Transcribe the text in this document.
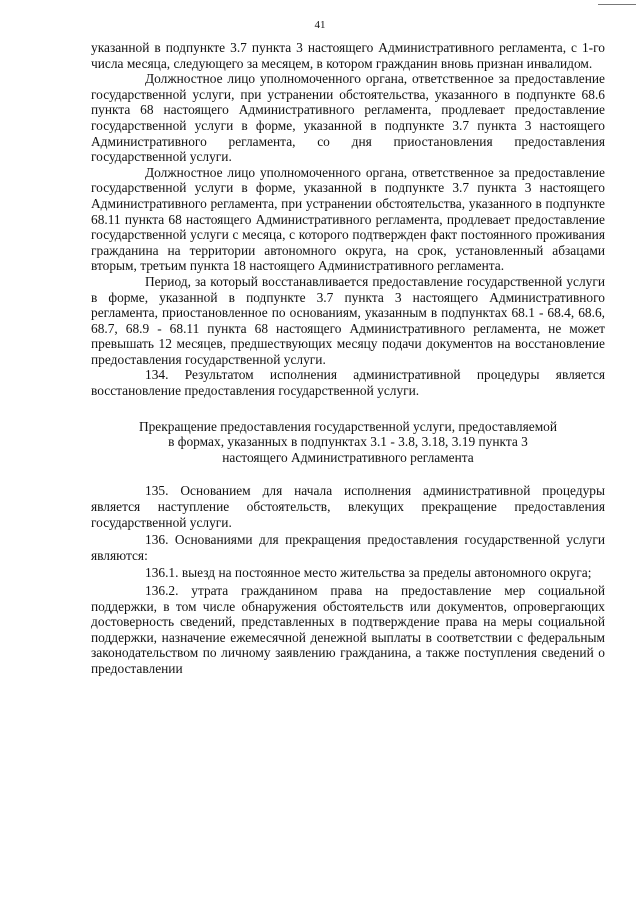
41

указанной в подпункте 3.7 пункта 3 настоящего Административного регламента, с 1-го числа месяца, следующего за месяцем, в котором гражданин вновь признан инвалидом.

Должностное лицо уполномоченного органа, ответственное за предоставление государственной услуги, при устранении обстоятельства, указанного в подпункте 68.6 пункта 68 настоящего Административного регламента, продлевает предоставление государственной услуги в форме, указанной в подпункте 3.7 пункта 3 настоящего Административного регламента, со дня приостановления предоставления государственной услуги.

Должностное лицо уполномоченного органа, ответственное за предоставление государственной услуги в форме, указанной в подпункте 3.7 пункта 3 настоящего Административного регламента, при устранении обстоятельства, указанного в подпункте 68.11 пункта 68 настоящего Административного регламента, продлевает предоставление государственной услуги с месяца, с которого подтвержден факт постоянного проживания гражданина на территории автономного округа, на срок, установленный абзацами вторым, третьим пункта 18 настоящего Административного регламента.

Период, за который восстанавливается предоставление государственной услуги в форме, указанной в подпункте 3.7 пункта 3 настоящего Административного регламента, приостановленное по основаниям, указанным в подпунктах 68.1 - 68.4, 68.6, 68.7, 68.9 - 68.11 пункта 68 настоящего Административного регламента, не может превышать 12 месяцев, предшествующих месяцу подачи документов на восстановление предоставления государственной услуги.

134. Результатом исполнения административной процедуры является восстановление предоставления государственной услуги.

Прекращение предоставления государственной услуги, предоставляемой
в формах, указанных в подпунктах 3.1 - 3.8, 3.18, 3.19 пункта 3
настоящего Административного регламента

135. Основанием для начала исполнения административной процедуры является наступление обстоятельств, влекущих прекращение предоставления государственной услуги.

136. Основаниями для прекращения предоставления государственной услуги являются:

136.1. выезд на постоянное место жительства за пределы автономного округа;

136.2. утрата гражданином права на предоставление мер социальной поддержки, в том числе обнаружения обстоятельств или документов, опровергающих достоверность сведений, представленных в подтверждение права на меры социальной поддержки, назначение ежемесячной денежной выплаты в соответствии с федеральным законодательством по личному заявлению гражданина, а также поступления сведений о предоставлении
